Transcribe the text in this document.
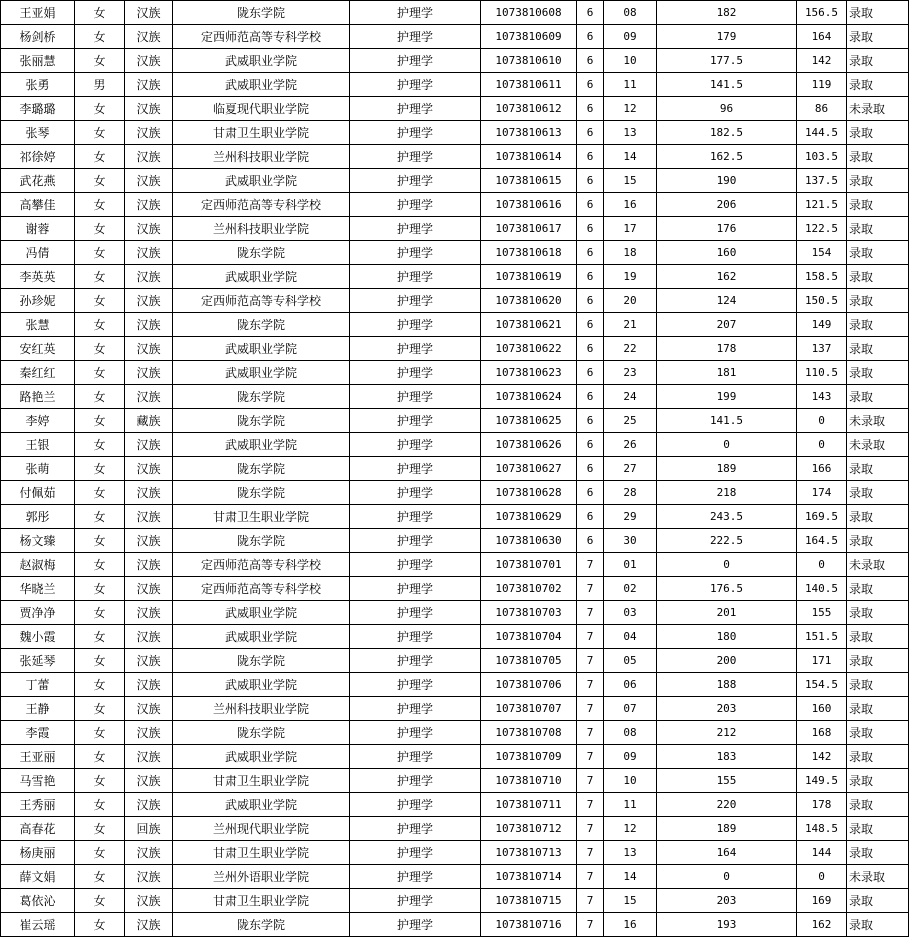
王亚娟	女	汉族	陇东学院	护理学	1073810608	6	08	182	156.5	录取
杨剑桥	女	汉族	定西师范高等专科学校	护理学	1073810609	6	09	179	164	录取
张丽慧	女	汉族	武威职业学院	护理学	1073810610	6	10	177.5	142	录取
张勇	男	汉族	武威职业学院	护理学	1073810611	6	11	141.5	119	录取
李璐璐	女	汉族	临夏现代职业学院	护理学	1073810612	6	12	96	86	未录取
张琴	女	汉族	甘肃卫生职业学院	护理学	1073810613	6	13	182.5	144.5	录取
祁徐婷	女	汉族	兰州科技职业学院	护理学	1073810614	6	14	162.5	103.5	录取
武花燕	女	汉族	武威职业学院	护理学	1073810615	6	15	190	137.5	录取
高攀佳	女	汉族	定西师范高等专科学校	护理学	1073810616	6	16	206	121.5	录取
谢蓉	女	汉族	兰州科技职业学院	护理学	1073810617	6	17	176	122.5	录取
冯倩	女	汉族	陇东学院	护理学	1073810618	6	18	160	154	录取
李英英	女	汉族	武威职业学院	护理学	1073810619	6	19	162	158.5	录取
孙珍妮	女	汉族	定西师范高等专科学校	护理学	1073810620	6	20	124	150.5	录取
张慧	女	汉族	陇东学院	护理学	1073810621	6	21	207	149	录取
安红英	女	汉族	武威职业学院	护理学	1073810622	6	22	178	137	录取
秦红红	女	汉族	武威职业学院	护理学	1073810623	6	23	181	110.5	录取
路艳兰	女	汉族	陇东学院	护理学	1073810624	6	24	199	143	录取
李婷	女	藏族	陇东学院	护理学	1073810625	6	25	141.5	0	未录取
王银	女	汉族	武威职业学院	护理学	1073810626	6	26	0	0	未录取
张萌	女	汉族	陇东学院	护理学	1073810627	6	27	189	166	录取
付佩茹	女	汉族	陇东学院	护理学	1073810628	6	28	218	174	录取
郭彤	女	汉族	甘肃卫生职业学院	护理学	1073810629	6	29	243.5	169.5	录取
杨文臻	女	汉族	陇东学院	护理学	1073810630	6	30	222.5	164.5	录取
赵淑梅	女	汉族	定西师范高等专科学校	护理学	1073810701	7	01	0	0	未录取
华晓兰	女	汉族	定西师范高等专科学校	护理学	1073810702	7	02	176.5	140.5	录取
贾净净	女	汉族	武威职业学院	护理学	1073810703	7	03	201	155	录取
魏小霞	女	汉族	武威职业学院	护理学	1073810704	7	04	180	151.5	录取
张延琴	女	汉族	陇东学院	护理学	1073810705	7	05	200	171	录取
丁蕾	女	汉族	武威职业学院	护理学	1073810706	7	06	188	154.5	录取
王静	女	汉族	兰州科技职业学院	护理学	1073810707	7	07	203	160	录取
李霞	女	汉族	陇东学院	护理学	1073810708	7	08	212	168	录取
王亚丽	女	汉族	武威职业学院	护理学	1073810709	7	09	183	142	录取
马雪艳	女	汉族	甘肃卫生职业学院	护理学	1073810710	7	10	155	149.5	录取
王秀丽	女	汉族	武威职业学院	护理学	1073810711	7	11	220	178	录取
高春花	女	回族	兰州现代职业学院	护理学	1073810712	7	12	189	148.5	录取
杨庚丽	女	汉族	甘肃卫生职业学院	护理学	1073810713	7	13	164	144	录取
薛文娟	女	汉族	兰州外语职业学院	护理学	1073810714	7	14	0	0	未录取
葛依沁	女	汉族	甘肃卫生职业学院	护理学	1073810715	7	15	203	169	录取
崔云瑶	女	汉族	陇东学院	护理学	1073810716	7	16	193	162	录取
